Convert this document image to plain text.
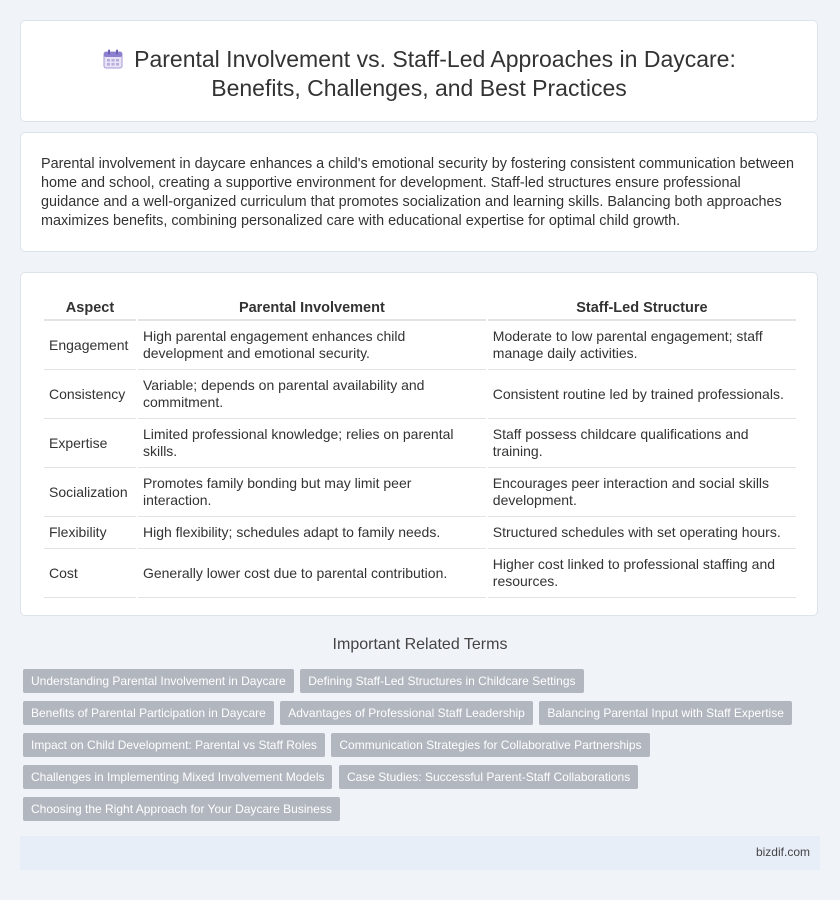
Parental Involvement vs. Staff-Led Approaches in Daycare:
Benefits, Challenges, and Best Practices

Parental involvement in daycare enhances a child's emotional security by fostering consistent communication between home and school, creating a supportive environment for development. Staff-led structures ensure professional guidance and a well-organized curriculum that promotes socialization and learning skills. Balancing both approaches maximizes benefits, combining personalized care with educational expertise for optimal child growth.

Aspect	Parental Involvement	Staff-Led Structure
Engagement	High parental engagement enhances child development and emotional security.	Moderate to low parental engagement; staff manage daily activities.
Consistency	Variable; depends on parental availability and commitment.	Consistent routine led by trained professionals.
Expertise	Limited professional knowledge; relies on parental skills.	Staff possess childcare qualifications and training.
Socialization	Promotes family bonding but may limit peer interaction.	Encourages peer interaction and social skills development.
Flexibility	High flexibility; schedules adapt to family needs.	Structured schedules with set operating hours.
Cost	Generally lower cost due to parental contribution.	Higher cost linked to professional staffing and resources.
Important Related Terms
Understanding Parental Involvement in Daycare Defining Staff-Led Structures in Childcare Settings
Benefits of Parental Participation in Daycare Advantages of Professional Staff Leadership Balancing Parental Input with Staff Expertise
Impact on Child Development: Parental vs Staff Roles Communication Strategies for Collaborative Partnerships
Challenges in Implementing Mixed Involvement Models Case Studies: Successful Parent-Staff Collaborations
Choosing the Right Approach for Your Daycare Business
bizdif.com
